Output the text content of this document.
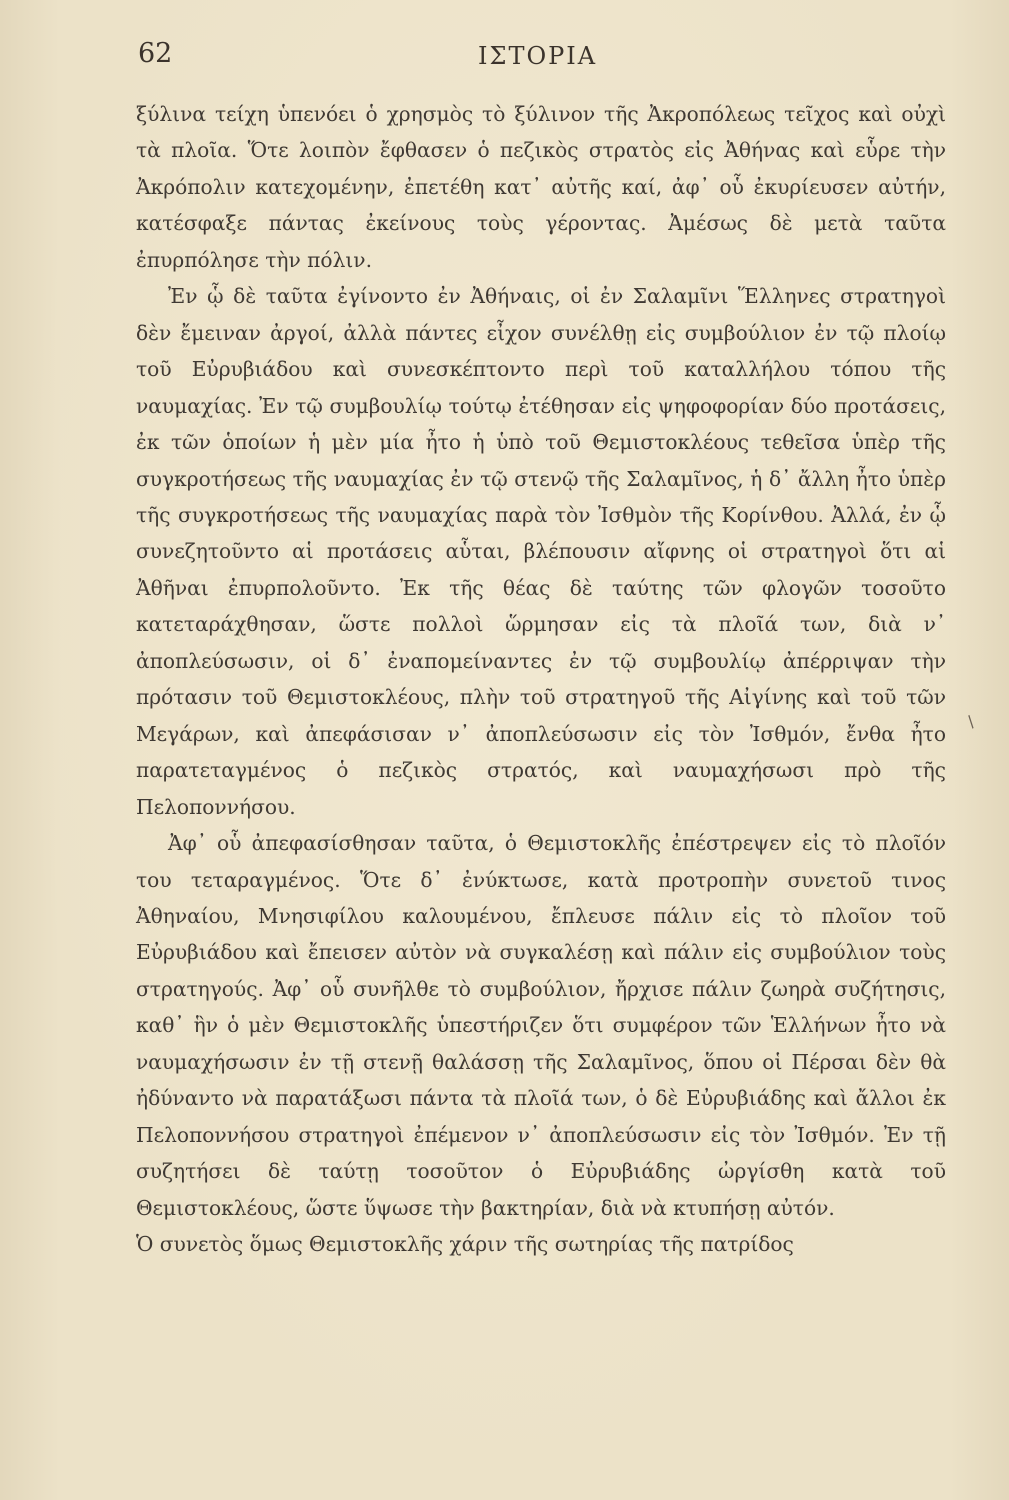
62	ΙΣΤΟΡΙΑ

ξύλινα τείχη ὑπενόει ὁ χρησμὸς τὸ ξύλινον τῆς Ἀκροπόλεως τεῖχος καὶ οὐχὶ τὰ πλοῖα. Ὅτε λοιπὸν ἔφθασεν ὁ πεζικὸς στρατὸς εἰς Ἀθήνας καὶ εὗρε τὴν Ἀκρόπολιν κατεχομένην, ἐπετέθη κατ᾽ αὐτῆς καί, ἀφ᾽ οὗ ἐκυρίευσεν αὐτήν, κατέσφαξε πάντας ἐκείνους τοὺς γέροντας. Ἀμέσως δὲ μετὰ ταῦτα ἐπυρπόλησε τὴν πόλιν.

Ἐν ᾧ δὲ ταῦτα ἐγίνοντο ἐν Ἀθήναις, οἱ ἐν Σαλαμῖνι Ἕλληνες στρατηγοὶ δὲν ἔμειναν ἀργοί, ἀλλὰ πάντες εἶχον συνέλθῃ εἰς συμβούλιον ἐν τῷ πλοίῳ τοῦ Εὐρυβιάδου καὶ συνεσκέπτοντο περὶ τοῦ καταλλήλου τόπου τῆς ναυμαχίας. Ἐν τῷ συμβουλίῳ τούτῳ ἐτέθησαν εἰς ψηφοφορίαν δύο προτάσεις, ἐκ τῶν ὁποίων ἡ μὲν μία ἦτο ἡ ὑπὸ τοῦ Θεμιστοκλέους τεθεῖσα ὑπὲρ τῆς συγκροτήσεως τῆς ναυμαχίας ἐν τῷ στενῷ τῆς Σαλαμῖνος, ἡ δ᾽ ἄλλη ἦτο ὑπὲρ τῆς συγκροτήσεως τῆς ναυμαχίας παρὰ τὸν Ἰσθμὸν τῆς Κορίνθου. Ἀλλά, ἐν ᾧ συνεζητοῦντο αἱ προτάσεις αὗται, βλέπουσιν αἴφνης οἱ στρατηγοὶ ὅτι αἱ Ἀθῆναι ἐπυρπολοῦντο. Ἐκ τῆς θέας δὲ ταύτης τῶν φλογῶν τοσοῦτο κατεταράχθησαν, ὥστε πολλοὶ ὥρμησαν εἰς τὰ πλοῖά των, διὰ ν᾽ ἀποπλεύσωσιν, οἱ δ᾽ ἐναπομείναντες ἐν τῷ συμβουλίῳ ἀπέρριψαν τὴν πρότασιν τοῦ Θεμιστοκλέους, πλὴν τοῦ στρατηγοῦ τῆς Αἰγίνης καὶ τοῦ τῶν Μεγάρων, καὶ ἀπεφάσισαν ν᾽ ἀποπλεύσωσιν εἰς τὸν Ἰσθμόν, ἔνθα ἦτο παρατεταγμένος ὁ πεζικὸς στρατός, καὶ ναυμαχήσωσι πρὸ τῆς Πελοποννήσου.

Ἀφ᾽ οὗ ἀπεφασίσθησαν ταῦτα, ὁ Θεμιστοκλῆς ἐπέστρεψεν εἰς τὸ πλοῖόν του τεταραγμένος. Ὅτε δ᾽ ἐνύκτωσε, κατὰ προτροπὴν συνετοῦ τινος Ἀθηναίου, Μνησιφίλου καλουμένου, ἔπλευσε πάλιν εἰς τὸ πλοῖον τοῦ Εὐρυβιάδου καὶ ἔπεισεν αὐτὸν νὰ συγκαλέσῃ καὶ πάλιν εἰς συμβούλιον τοὺς στρατηγούς. Ἀφ᾽ οὗ συνῆλθε τὸ συμβούλιον, ἤρχισε πάλιν ζωηρὰ συζήτησις, καθ᾽ ἣν ὁ μὲν Θεμιστοκλῆς ὑπεστήριζεν ὅτι συμφέρον τῶν Ἑλλήνων ἦτο νὰ ναυμαχήσωσιν ἐν τῇ στενῇ θαλάσσῃ τῆς Σαλαμῖνος, ὅπου οἱ Πέρσαι δὲν θὰ ἠδύναντο νὰ παρατάξωσι πάντα τὰ πλοῖά των, ὁ δὲ Εὐρυβιάδης καὶ ἄλλοι ἐκ Πελοποννήσου στρατηγοὶ ἐπέμενον ν᾽ ἀποπλεύσωσιν εἰς τὸν Ἰσθμόν. Ἐν τῇ συζητήσει δὲ ταύτῃ τοσοῦτον ὁ Εὐρυβιάδης ὠργίσθη κατὰ τοῦ Θεμιστοκλέους, ὥστε ὕψωσε τὴν βακτηρίαν, διὰ νὰ κτυπήσῃ αὐτόν.

Ὁ συνετὸς ὅμως Θεμιστοκλῆς χάριν τῆς σωτηρίας τῆς πατρίδος

/
